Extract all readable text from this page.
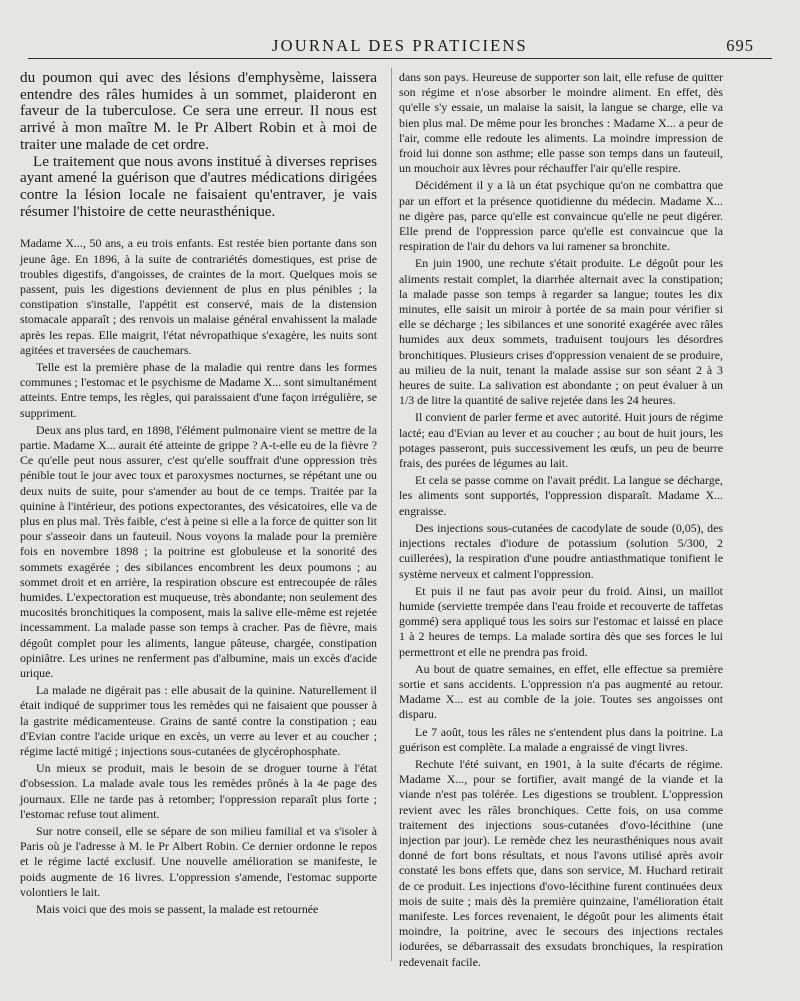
JOURNAL DES PRATICIENS	695

du poumon qui avec des lésions d'emphysème, laissera entendre des râles humides à un sommet, plaideront en faveur de la tuberculose. Ce sera une erreur. Il nous est arrivé à mon maître M. le Pr Albert Robin et à moi de traiter une malade de cet ordre.

Le traitement que nous avons institué à diverses reprises ayant amené la guérison que d'autres médications dirigées contre la lésion locale ne faisaient qu'entraver, je vais résumer l'histoire de cette neurasthénique.

Madame X..., 50 ans, a eu trois enfants. Est restée bien portante dans son jeune âge. En 1896, à la suite de contrariétés domestiques, est prise de troubles digestifs, d'angoisses, de craintes de la mort. Quelques mois se passent, puis les digestions deviennent de plus en plus pénibles ; la constipation s'installe, l'appétit est conservé, mais de la distension stomacale apparaît ; des renvois un malaise général envahissent la malade après les repas. Elle maigrit, l'état névropathique s'exagère, les nuits sont agitées et traversées de cauchemars.

Telle est la première phase de la maladie qui rentre dans les formes communes ; l'estomac et le psychisme de Madame X... sont simultanément atteints. Entre temps, les règles, qui paraissaient d'une façon irrégulière, se suppriment.

Deux ans plus tard, en 1898, l'élément pulmonaire vient se mettre de la partie. Madame X... aurait été atteinte de grippe ? A-t-elle eu de la fièvre ? Ce qu'elle peut nous assurer, c'est qu'elle souffrait d'une oppression très pénible tout le jour avec toux et paroxysmes nocturnes, se répétant une ou deux nuits de suite, pour s'amender au bout de ce temps. Traitée par la quinine à l'intérieur, des potions expectorantes, des vésicatoires, elle va de plus en plus mal. Très faible, c'est à peine si elle a la force de quitter son lit pour s'asseoir dans un fauteuil. Nous voyons la malade pour la première fois en novembre 1898 ; la poitrine est globuleuse et la sonorité des sommets exagérée ; des sibilances encombrent les deux poumons ; au sommet droit et en arrière, la respiration obscure est entrecoupée de râles humides. L'expectoration est muqueuse, très abondante; non seulement des mucosités bronchitiques la composent, mais la salive elle-même est rejetée incessamment. La malade passe son temps à cracher. Pas de fièvre, mais dégoût complet pour les aliments, langue pâteuse, chargée, constipation opiniâtre. Les urines ne renferment pas d'albumine, mais un excès d'acide urique.

La malade ne digérait pas : elle abusait de la quinine. Naturellement il était indiqué de supprimer tous les remèdes qui ne faisaient que pousser à la gastrite médicamenteuse. Grains de santé contre la constipation ; eau d'Evian contre l'acide urique en excès, un verre au lever et au coucher ; régime lacté mitigé ; injections sous-cutanées de glycérophosphate.

Un mieux se produit, mais le besoin de se droguer tourne à l'état d'obsession. La malade avale tous les remèdes prônés à la 4e page des journaux. Elle ne tarde pas à retomber; l'oppression reparaît plus forte ; l'estomac refuse tout aliment.

Sur notre conseil, elle se sépare de son milieu familial et va s'isoler à Paris où je l'adresse à M. le Pr Albert Robin. Ce dernier ordonne le repos et le régime lacté exclusif. Une nouvelle amélioration se manifeste, le poids augmente de 16 livres. L'oppression s'amende, l'estomac supporte volontiers le lait.

Mais voici que des mois se passent, la malade est retournée

dans son pays. Heureuse de supporter son lait, elle refuse de quitter son régime et n'ose absorber le moindre aliment. En effet, dès qu'elle s'y essaie, un malaise la saisit, la langue se charge, elle va bien plus mal. De même pour les bronches : Madame X... a peur de l'air, comme elle redoute les aliments. La moindre impression de froid lui donne son asthme; elle passe son temps dans un fauteuil, un mouchoir aux lèvres pour réchauffer l'air qu'elle respire.

Décidément il y a là un état psychique qu'on ne combattra que par un effort et la présence quotidienne du médecin. Madame X... ne digère pas, parce qu'elle est convaincue qu'elle ne peut digérer. Elle prend de l'oppression parce qu'elle est convaincue que la respiration de l'air du dehors va lui ramener sa bronchite.

En juin 1900, une rechute s'était produite. Le dégoût pour les aliments restait complet, la diarrhée alternait avec la constipation; la malade passe son temps à regarder sa langue; toutes les dix minutes, elle saisit un miroir à portée de sa main pour vérifier si elle se décharge ; les sibilances et une sonorité exagérée avec râles humides aux deux sommets, traduisent toujours les désordres bronchitiques. Plusieurs crises d'oppression venaient de se produire, au milieu de la nuit, tenant la malade assise sur son séant 2 à 3 heures de suite. La salivation est abondante ; on peut évaluer à un 1/3 de litre la quantité de salive rejetée dans les 24 heures.

Il convient de parler ferme et avec autorité. Huit jours de régime lacté; eau d'Evian au lever et au coucher ; au bout de huit jours, les potages passeront, puis successivement les œufs, un peu de beurre frais, des purées de légumes au lait.

Et cela se passe comme on l'avait prédit. La langue se décharge, les aliments sont supportés, l'oppression disparaît. Madame X... engraisse.

Des injections sous-cutanées de cacodylate de soude (0,05), des injections rectales d'iodure de potassium (solution 5/300, 2 cuillerées), la respiration d'une poudre antiasthmatique tonifient le système nerveux et calment l'oppression.

Et puis il ne faut pas avoir peur du froid. Ainsi, un maillot humide (serviette trempée dans l'eau froide et recouverte de taffetas gommé) sera appliqué tous les soirs sur l'estomac et laissé en place 1 à 2 heures de temps. La malade sortira dès que ses forces le lui permettront et elle ne prendra pas froid.

Au bout de quatre semaines, en effet, elle effectue sa première sortie et sans accidents. L'oppression n'a pas augmenté au retour. Madame X... est au comble de la joie. Toutes ses angoisses ont disparu.

Le 7 août, tous les râles ne s'entendent plus dans la poitrine. La guérison est complète. La malade a engraissé de vingt livres.

Rechute l'été suivant, en 1901, à la suite d'écarts de régime. Madame X..., pour se fortifier, avait mangé de la viande et la viande n'est pas tolérée. Les digestions se troublent. L'oppression revient avec les râles bronchiques. Cette fois, on usa comme traitement des injections sous-cutanées d'ovo-lécithine (une injection par jour). Le remède chez les neurasthéniques nous avait donné de fort bons résultats, et nous l'avons utilisé après avoir constaté les bons effets que, dans son service, M. Huchard retirait de ce produit. Les injections d'ovo-lécithine furent continuées deux mois de suite ; mais dès la première quinzaine, l'amélioration était manifeste. Les forces revenaient, le dégoût pour les aliments était moindre, la poitrine, avec le secours des injections rectales iodurées, se débarrassait des exsudats bronchiques, la respiration redevenait facile.
